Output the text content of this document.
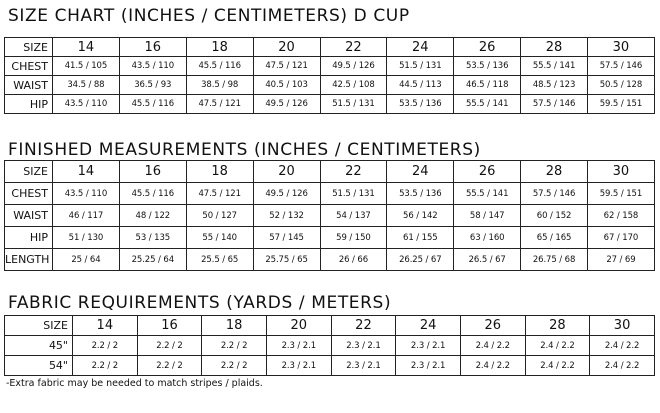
SIZE CHART (INCHES / CENTIMETERS) D CUP
SIZE	14	16	18	20	22	24	26	28	30
CHEST	41.5 / 105	43.5 / 110	45.5 / 116	47.5 / 121	49.5 / 126	51.5 / 131	53.5 / 136	55.5 / 141	57.5 / 146
WAIST	34.5 / 88	36.5 / 93	38.5 / 98	40.5 / 103	42.5 / 108	44.5 / 113	46.5 / 118	48.5 / 123	50.5 / 128
HIP	43.5 / 110	45.5 / 116	47.5 / 121	49.5 / 126	51.5 / 131	53.5 / 136	55.5 / 141	57.5 / 146	59.5 / 151
FINISHED MEASUREMENTS (INCHES / CENTIMETERS)
SIZE	14	16	18	20	22	24	26	28	30
CHEST	43.5 / 110	45.5 / 116	47.5 / 121	49.5 / 126	51.5 / 131	53.5 / 136	55.5 / 141	57.5 / 146	59.5 / 151
WAIST	46 / 117	48 / 122	50 / 127	52 / 132	54 / 137	56 / 142	58 / 147	60 / 152	62 / 158
HIP	51 / 130	53 / 135	55 / 140	57 / 145	59 / 150	61 / 155	63 / 160	65 / 165	67 / 170
LENGTH	25 / 64	25.25 / 64	25.5 / 65	25.75 / 65	26 / 66	26.25 / 67	26.5 / 67	26.75 / 68	27 / 69
FABRIC REQUIREMENTS (YARDS / METERS)
SIZE	14	16	18	20	22	24	26	28	30
45"	2.2 / 2	2.2 / 2	2.2 / 2	2.3 / 2.1	2.3 / 2.1	2.3 / 2.1	2.4 / 2.2	2.4 / 2.2	2.4 / 2.2
54"	2.2 / 2	2.2 / 2	2.2 / 2	2.3 / 2.1	2.3 / 2.1	2.3 / 2.1	2.4 / 2.2	2.4 / 2.2	2.4 / 2.2
-Extra fabric may be needed to match stripes / plaids.
